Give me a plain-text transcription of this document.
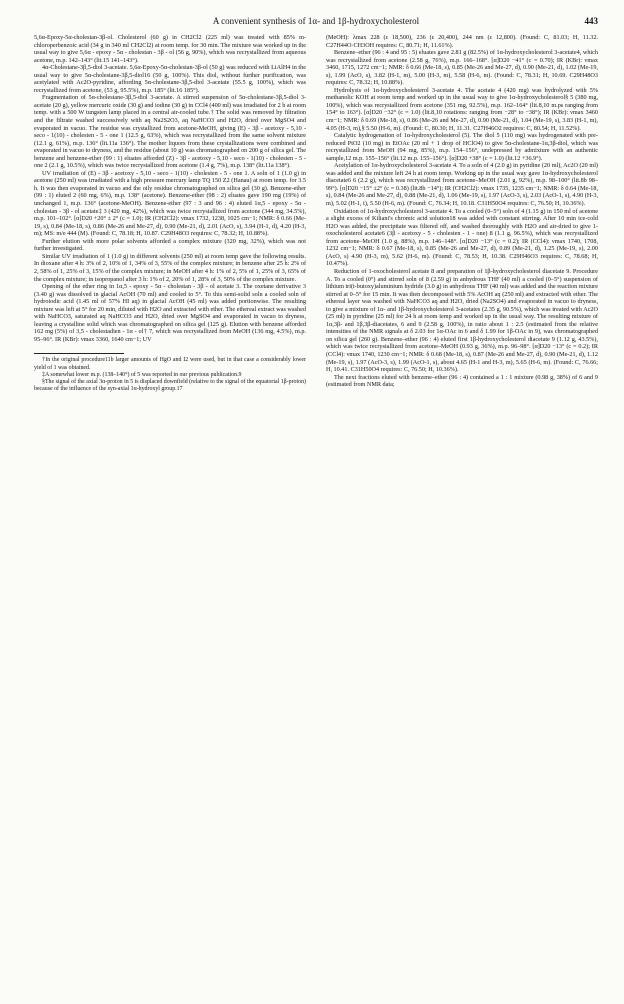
A convenient synthesis of 1α- and 1β-hydroxycholesterol	443

5,6α-Epoxy-5α-cholestan-3β-ol. Cholesterol (60 g) in CH2Cl2 (225 ml) was treated with 85% m-chloroperbenzoic acid (34 g in 340 ml CH2Cl2) at room temp. for 30 min. The mixture was worked up in the usual way to give 5,6α - epoxy - 5α - cholestan - 3β - ol (56 g, 90%), which was recrystallized from aqueous acetone, m.p. 142–143° (lit.15 141–143°).

4α-Cholestane-3β,5-diol 3-acetate. 5,6α-Epoxy-5α-cholestan-3β-ol (50 g) was reduced with LiAlH4 in the usual way to give 5α-cholestane-3β,5-diol16 (50 g, 100%). This diol, without further purification, was acetylated with Ac2O-pyridine, affording 5α-cholestane-3β,5-diol 3-acetate (55.5 g, 100%), which was recrystallized from acetone, (53 g, 95.5%), m.p. 185° (lit.16 185°).

Fragmentation of 5α-cholestane-3β,5-diol 3-acetate. A stirred suspension of 5α-cholestane-3β,5-diol 3-acetate (20 g), yellow mercuric oxide (30 g) and iodine (30 g) in CCl4 (400 ml) was irradiated for 2 h at room temp. with a 500 W tungsten lamp placed in a central air-cooled tube.† The solid was removed by filtration and the filtrate washed successively with aq Na2S2O3, aq NaHCO3 and H2O, dried over MgSO4 and evaporated in vacuo. The residue was crystallized from acetone-MeOH, giving (E) - 3β - acetoxy - 5,10 - seco - 1(10) - cholesten - 5 - one 1 (12.5 g, 63%), which was recrystallized from the same solvent mixture (12.1 g, 61%), m.p. 136° (lit.11a 136°). The mother liquors from these crystallizations were combined and evaporated in vacuo to dryness, and the residue (about 10 g) was chromatographed on 200 g of silica gel. The benzene and benzene-ether (99 : 1) eluates afforded (Z) - 3β - acetoxy - 5,10 - seco - 1(10) - cholesten - 5 - one 2 (2.1 g, 10.5%), which was twice recrystallized from acetone (1.4 g, 7%), m.p. 138° (lit.11a 138°).

UV irradiation of (E) - 3β - acetoxy - 5,10 - seco - 1(10) - cholesten - 5 - one 1. A soln of 1 (1.0 g) in acetone (250 ml) was irradiated with a high pressure mercury lamp TQ 150 Z2 (Hanau) at room temp. for 3.5 h. It was then evaporated in vacuo and the oily residue chromatographed on silica gel (30 g). Benzene-ether (99 : 1) eluted 2 (60 mg, 6%), m.p. 138° (acetone). Benzene-ether (98 : 2) eluates gave 190 mg (19%) of unchanged 1, m.p. 136° (acetone-MeOH). Benzene-ether (97 : 3 and 96 : 4) eluted 1α,5 - epoxy - 5α - cholestan - 3β - ol acetate‡ 3 (420 mg, 42%), which was twice recrystallized from acetone (344 mg, 34.5%), m.p. 101–102°. [α]D20 +20° ± 2° (c = 1.0); IR (CH2Cl2): νmax 1732, 1238, 1025 cm−1; NMR: δ 0.66 (Me-19, s), 0.84 (Me-18, s), 0.86 (Me-26 and Me-27, d), 0.90 (Me-21, d), 2.01 (AcO, s), 3.94 (H-1, d), 4.20 (H-3, m); MS: m/e 444 (M). (Found: C, 78.18; H, 10.87. C29H48O3 requires: C, 78.32; H, 10.88%).

Further elution with more polar solvents afforded a complex mixture (320 mg, 32%), which was not further investigated.

Similar UV irradiation of 1 (1.0 g) in different solvents (250 ml) at room temp gave the following results. In dioxane after 4 h: 3% of 2, 10% of 1, 34% of 3, 55% of the complex mixture; in benzene after 25 h: 2% of 2, 58% of 1, 25% of 3, 15% of the complex mixture; in MeOH after 4 h: 1% of 2, 5% of 1, 25% of 3, 65% of the complex mixture; in isopropanol after 3 h: 1% of 2, 20% of 1, 28% of 3, 50% of the complex mixture.

Opening of the ether ring in 1α,5 - epoxy - 5α - cholestan - 3β - ol acetate 3. The oxetane derivative 3 (3.40 g) was dissolved in glacial AcOH (70 ml) and cooled to 5°. To this semi-solid soln a cooled soln of hydroiodic acid (1.45 ml of 57% HI aq) in glacial AcOH (45 ml) was added portionwise. The resulting mixture was left at 5° for 20 min, diluted with H2O and extracted with ether. The ethereal extract was washed with NaHCO3, saturated aq NaHCO3 and H2O, dried over MgSO4 and evaporated in vacuo to dryness, leaving a crystalline solid which was chromatographed on silica gel (125 g). Elution with benzene afforded 162 mg (5%) of 3,5 - cholestadien - 1α - ol† 7, which was recrystallized from MeOH (136 mg, 4.5%), m.p. 95–96°. IR (KBr): νmax 3360, 1640 cm−1; UV

†In the original procedure11b larger amounts of HgO and I2 were used, but in that case a considerably lower yield of 1 was obtained.

‡A somewhat lower m.p. (138–140°) of 5 was reported in our previous publication.9

§The signal of the axial 3α-proton in 5 is displaced downfield (relative to the signal of the equatorial 1β-proton) because of the influence of the syn-axial 1α-hydroxyl group.17

(MeOH): λmax 228 (ε 18,500), 236 (ε 20,400), 244 nm (ε 12,800). (Found: C, 81.03; H, 11.32. C27H44O·CH3OH requires: C, 80.71; H, 11.61%).

Benzene–ether (96 : 4 and 95 : 5) eluates gave 2.81 g (82.5%) of 1α-hydroxycholesterol 3-acetate4, which was recrystallized from acetone (2.58 g, 76%), m.p. 166–168°. [α]D20 −41° (c = 0.70); IR (KBr): νmax 3460, 1715, 1272 cm−1; NMR: δ 0.66 (Me-18, s), 0.85 (Me-26 and Me-27, d), 0.90 (Me-21, d), 1.02 (Me-19, s), 1.99 (AcO, s), 3.82 (H-1, m), 5.00 (H-3, m), 5.58 (H-6, m). (Found: C, 78.31; H, 10.69. C29H48O3 requires: C, 78.32; H, 10.88%).

Hydrolysis of 1α-hydroxycholesterol 3-acetate 4. The acetate 4 (420 mg) was hydrolyzed with 5% methanolic KOH at room temp and worked up in the usual way to give 1α-hydroxycholesterol§ 5 (380 mg, 100%), which was recrystallized from acetone (351 mg, 92.5%), m.p. 162–164° (lit.8,10 m.ps ranging from 154° to 163°). [α]D20 −32° (c = 1.0) (lit.8,10 rotations: ranging from −28° to −38°); IR (KBr): νmax 3460 cm−1; NMR: δ 0.69 (Me-18, s), 0.86 (Me-26 and Me-27, d), 0.90 (Me-21, d), 1.04 (Me-19, s), 3.83 (H-1, m), 4.05 (H-3, m),§ 5.50 (H-6, m). (Found: C, 80.30; H, 11.31. C27H46O2 requires: C, 80.54; H, 11.52%).

Catalytic hydrogenation of 1α-hydroxycholesterol (5). The diol 5 (110 mg) was hydrogenated with pre-reduced PtO2 (10 mg) in EtOAc (20 ml + 1 drop of HClO4) to give 5α-cholestane-1α,3β-diol, which was recrystallized from MeOH (94 mg, 85%), m.p. 154–156°, undepressed by admixture with an authentic sample,12 m.p. 155–156° (lit.12 m.p. 155–156°). [α]D20 +38° (c = 1.0) (lit.12 +36.9°).

Acetylation of 1α-hydroxycholesterol 3-acetate 4. To a soln of 4 (2.0 g) in pyridine (20 ml), Ac2O (20 ml) was added and the mixture left 24 h at room temp. Working up in the usual way gave 1α-hydroxycholesterol diacetate6 6 (2.2 g), which was recrystallized from acetone–MeOH (2.01 g, 92%), m.p. 98–100° (lit.8b 98–99°). [α]D20 −15° ±2° (c = 0.38) (lit.8b −14°); IR (CH2Cl2): νmax 1735, 1235 cm−1; NMR: δ 0.64 (Me-18, s), 0.84 (Me-26 and Me-27, d), 0.88 (Me-21, d), 1.06 (Me-19, s), 1.97 (AcO-3, s), 2.03 (AcO-1, s), 4.90 (H-3, m), 5.02 (H-1, t), 5.50 (H-6, m). (Found: C, 76.34; H, 10.18. C31H50O4 requires: C, 76.50; H, 10.36%).

Oxidation of 1α-hydroxycholesterol 3-acetate 4. To a cooled (0–5°) soln of 4 (1.15 g) in 150 ml of acetone a slight excess of Kiliani's chromic acid solution18 was added with constant stirring. After 10 min ice-cold H2O was added, the precipitate was filtered off, and washed thoroughly with H2O and air-dried to give 1-oxocholesterol acetate6 (3β - acetoxy - 5 - cholesten - 1 - one) 8 (1.1 g, 96.5%), which was recrystallized from acetone–MeOH (1.0 g, 88%), m.p. 146–148°. [α]D20 −13° (c = 0.2); IR (CCl4): νmax 1740, 1708, 1232 cm−1; NMR: δ 0.67 (Me-18, s), 0.85 (Me-26 and Me-27, d), 0.89 (Me-21, d), 1.25 (Me-19, s), 2.00 (AcO, s) 4.90 (H-3, m), 5.62 (H-6, m). (Found: C, 78.53; H, 10.38. C29H46O3 requires: C, 78.68; H, 10.47%).

Reduction of 1-oxocholesterol acetate 8 and preparation of 1β-hydroxycholesterol diacetate 9. Procedure A. To a cooled (0°) and stirred soln of 8 (2.59 g) in anhydrous THF (40 ml) a cooled (0–5°) suspension of lithium tri(t-butoxy)aluminium hydride (3.0 g) in anhydrous THF (40 ml) was added and the reaction mixture stirred at 0–5° for 15 min. It was then decomposed with 5% AcOH aq (250 ml) and extracted with ether. The ethereal layer was washed with NaHCO3 aq and H2O, dried (Na2SO4) and evaporated in vacuo to dryness, to give a mixture of 1α- and 1β-hydroxycholesterol 3-acetates (2.35 g, 90.5%), which was treated with Ac2O (25 ml) in pyridine (25 ml) for 24 h at room temp and worked up in the usual way. The resulting mixture of 1α,3β- and 1β,3β-diacetates, 6 and 9 (2.58 g, 100%), in ratio about 1 : 2.5 (estimated from the relative intensities of the NMR signals at δ 2.03 for 1α-OAc in 6 and δ 1.99 for 1β-OAc in 9), was chromatographed on silica gel (260 g). Benzene–ether (96 : 4) eluted first 1β-hydroxycholesterol diacetate 9 (1.12 g, 43.5%), which was twice recrystallized from acetone–MeOH (0.93 g, 36%), m.p. 96–98°. [α]D20 −13° (c = 0.2); IR (CCl4): νmax 1740, 1230 cm−1; NMR: δ 0.68 (Me-18, s), 0.87 (Me-26 and Me-27, d), 0.90 (Me-21, d), 1.12 (Me-19, s), 1.97 (AcO-3, s), 1.99 (AcO-1, s), about 4.65 (H-1 and H-3, m), 5.65 (H-6, m). (Found: C, 76.66; H, 10.41. C31H50O4 requires: C, 76.50; H, 10.36%).

The next fractions eluted with benzene–ether (96 : 4) contained a 1 : 1 mixture (0.98 g, 38%) of 6 and 9 (estimated from NMR data;
